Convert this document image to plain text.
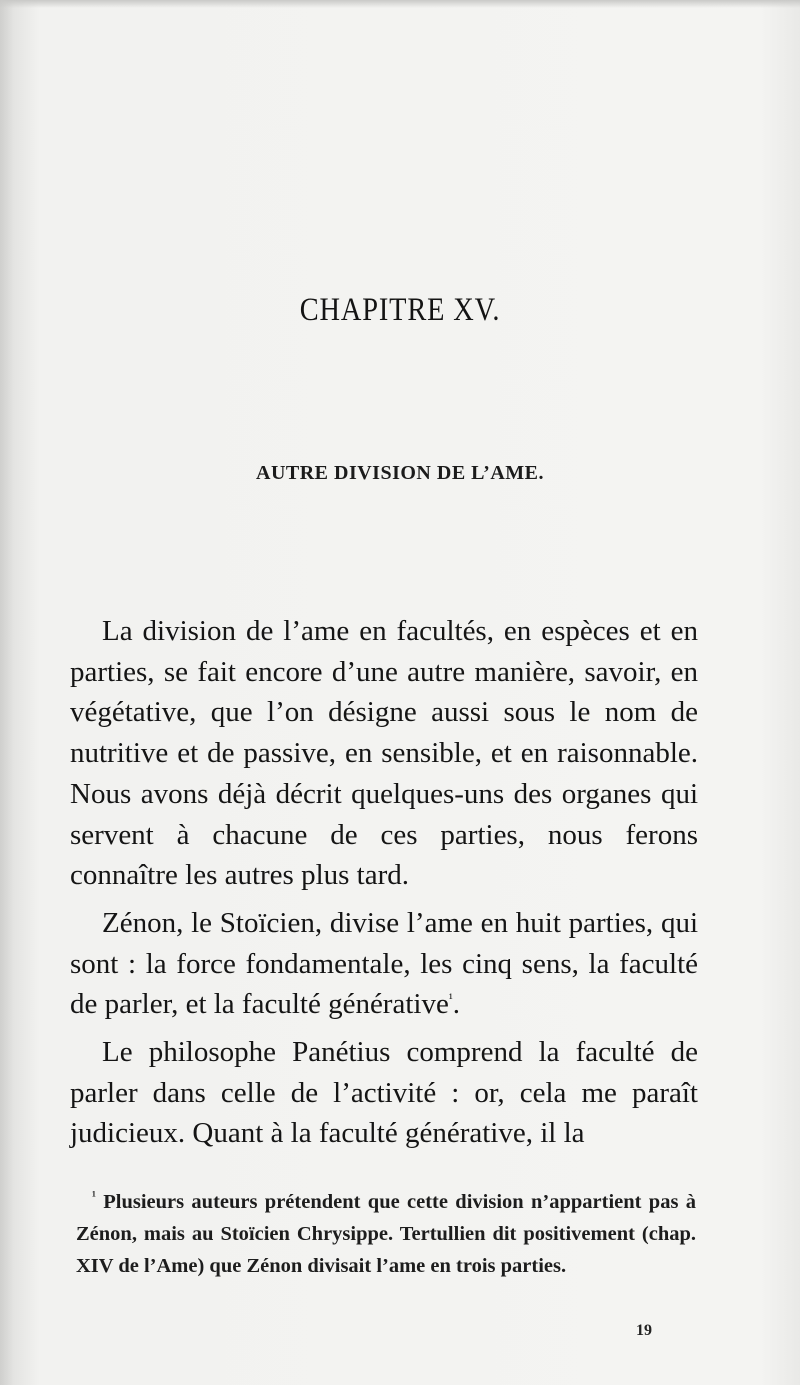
CHAPITRE XV.
AUTRE DIVISION DE L’AME.

La division de l’ame en facultés, en espèces et en parties, se fait encore d’une autre manière, savoir, en végétative, que l’on désigne aussi sous le nom de nutritive et de passive, en sensible, et en raisonnable. Nous avons déjà décrit quelques-uns des organes qui servent à chacune de ces parties, nous ferons connaître les autres plus tard.

Zénon, le Stoïcien, divise l’ame en huit parties, qui sont : la force fondamentale, les cinq sens, la faculté de parler, et la faculté générative$^{^1}$.

Le philosophe Panétius comprend la faculté de parler dans celle de l’activité : or, cela me paraît judicieux. Quant à la faculté générative, il la

$^{^1}$ Plusieurs auteurs prétendent que cette division n’appartient pas à Zénon, mais au Stoïcien Chrysippe. Tertullien dit positivement (chap. XIV de l’Ame) que Zénon divisait l’ame en trois parties.

19
